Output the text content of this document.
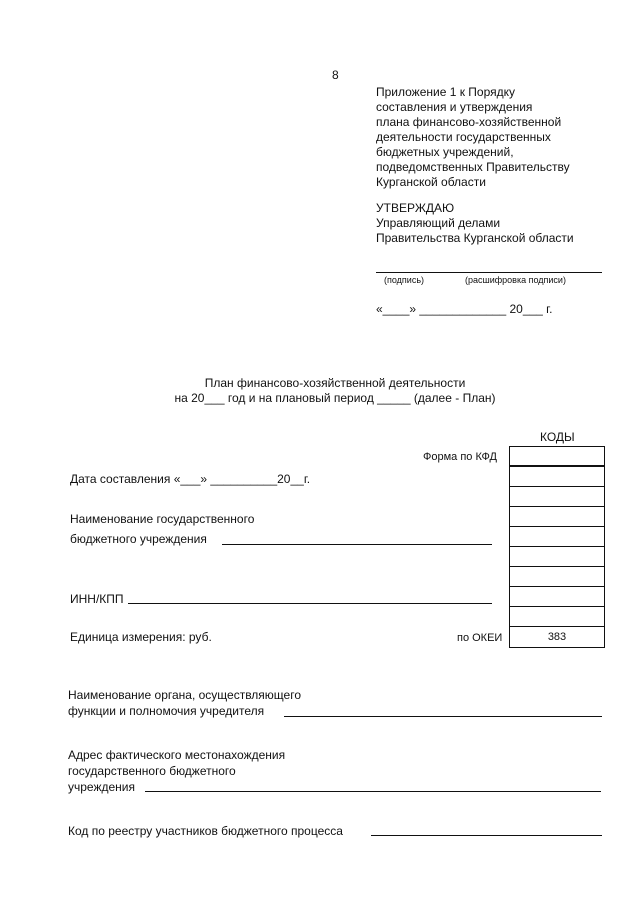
8
Приложение 1 к Порядку
составления и утверждения
плана финансово-хозяйственной
деятельности государственных
бюджетных учреждений,
подведомственных Правительству
Курганской области
УТВЕРЖДАЮ
Управляющий делами
Правительства Курганской области
(подпись)	(расшифровка подписи)
«____» _____________ 20___ г.
План финансово-хозяйственной деятельности
на 20___ год и на плановый период _____ (далее - План)
КОДЫ
383
Форма по КФД
Дата составления «___» __________20__г.
Наименование государственного
бюджетного учреждения
ИНН/КПП
Единица измерения: руб.	по ОКЕИ
Наименование органа, осуществляющего
функции и полномочия учредителя
Адрес фактического местонахождения
государственного бюджетного
учреждения
Код по реестру участников бюджетного процесса
